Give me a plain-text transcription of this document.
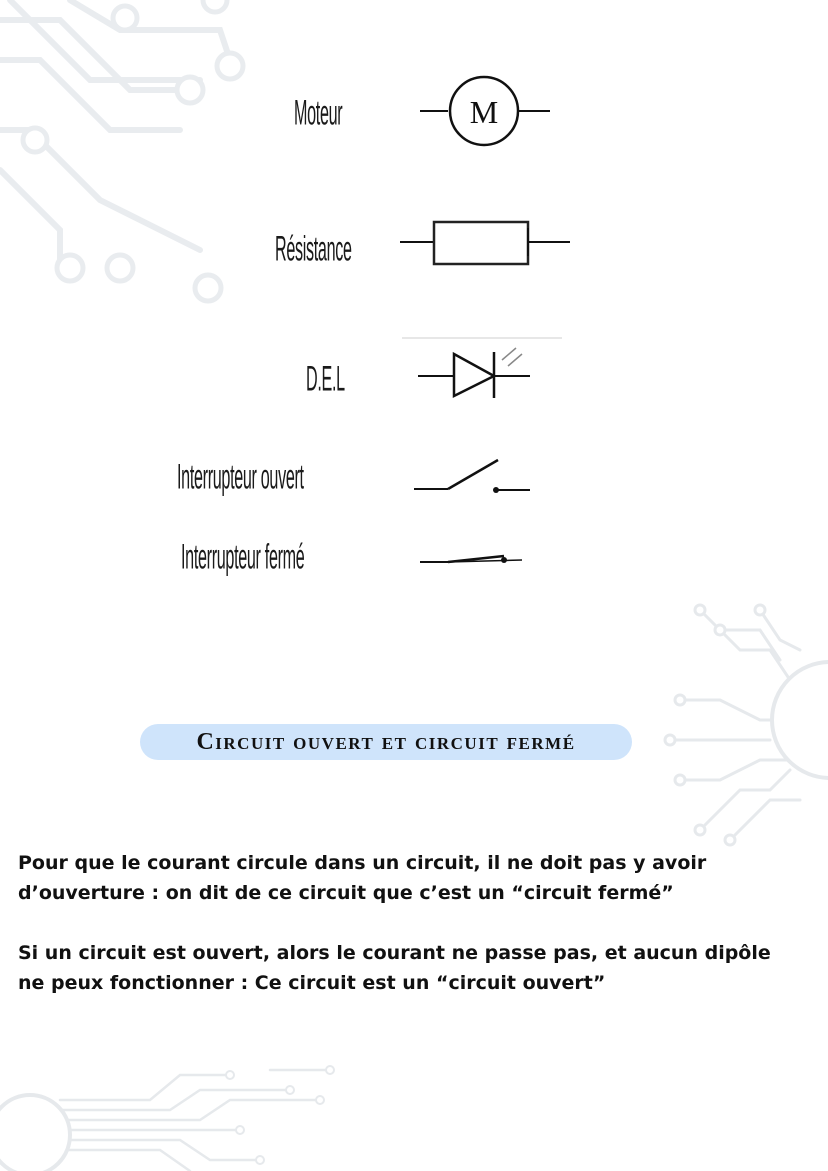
Moteur	M
Résistance
D.E.L
Interrupteur ouvert
Interrupteur fermé
Circuit ouvert et circuit fermé
Pour que le courant circule dans un circuit, il ne doit pas y avoir
d’ouverture : on dit de ce circuit que c’est un “circuit fermé”
Si un circuit est ouvert, alors le courant ne passe pas, et aucun dipôle
ne peux fonctionner : Ce circuit est un “circuit ouvert”
